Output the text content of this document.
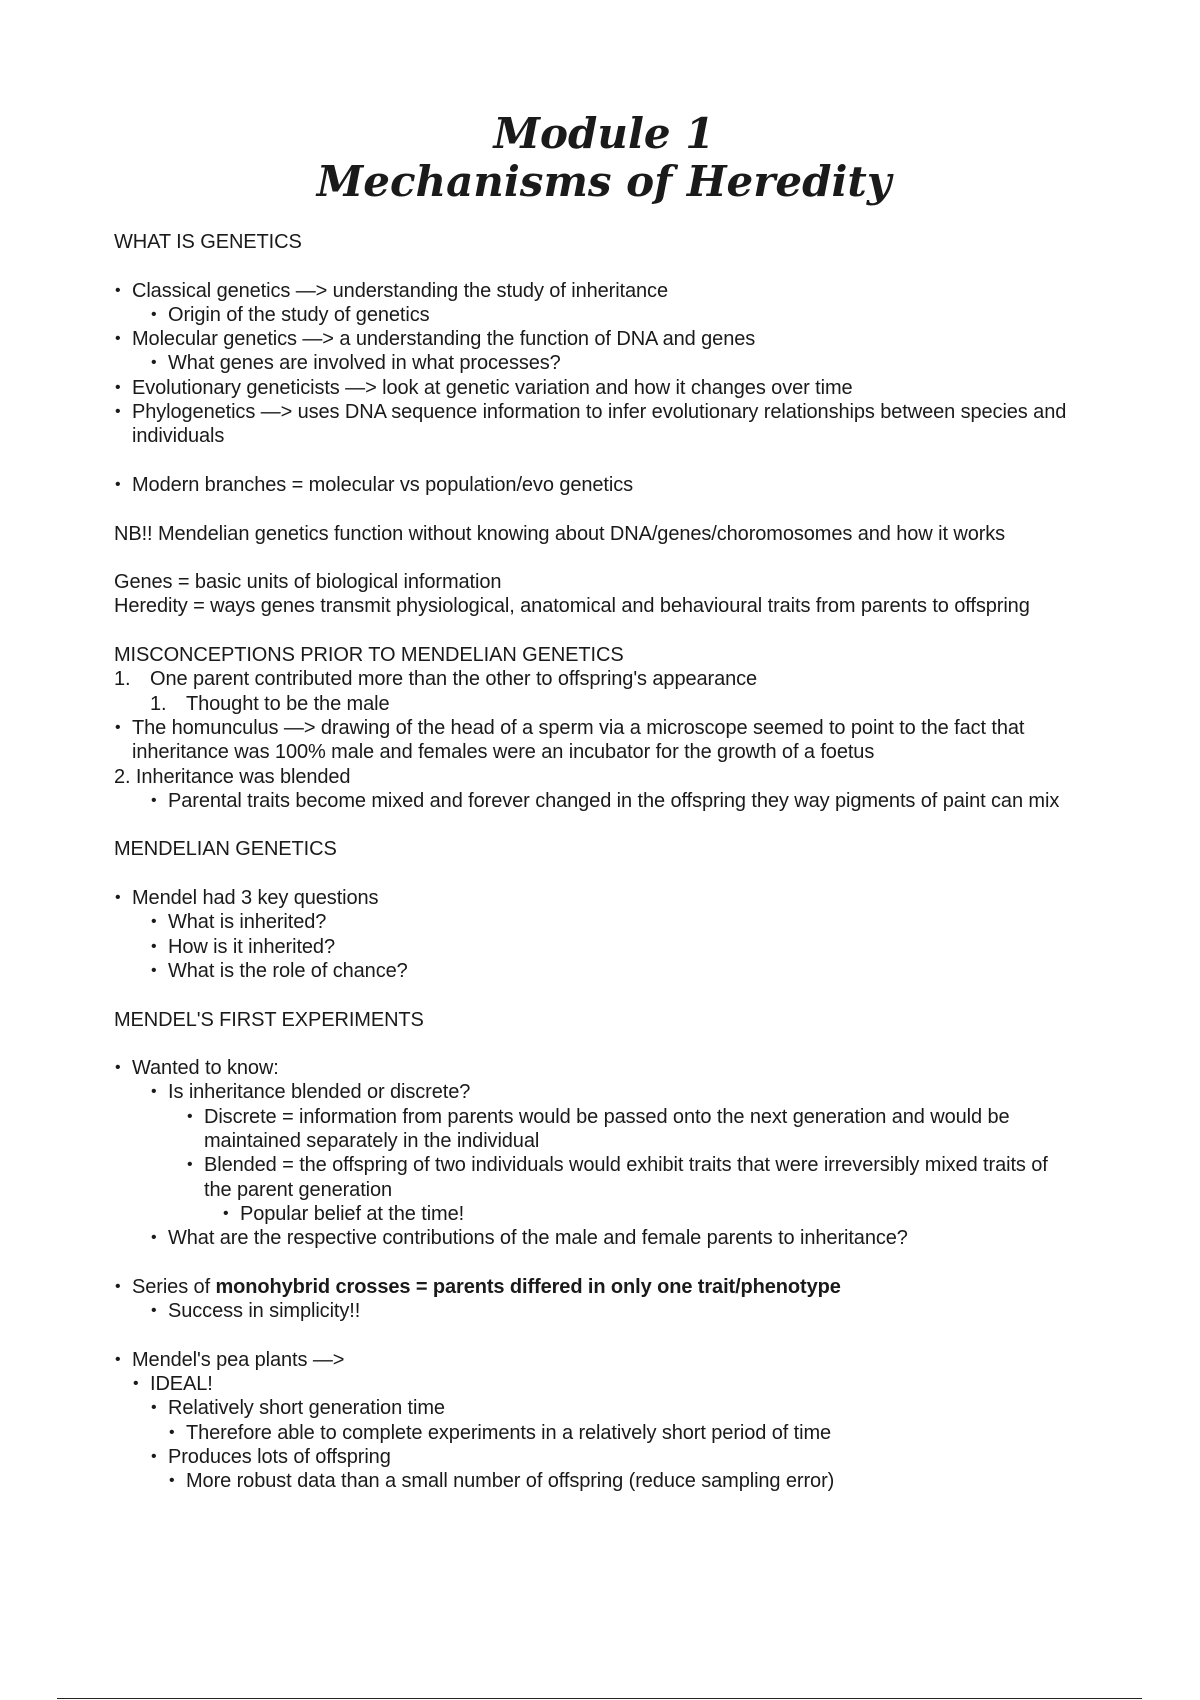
Module 1
Mechanisms of Heredity

WHAT IS GENETICS

• Classical genetics —> understanding the study of inheritance

• Origin of the study of genetics

• Molecular genetics —> a understanding the function of DNA and genes

• What genes are involved in what processes?

• Evolutionary geneticists —> look at genetic variation and how it changes over time

• Phylogenetics —> uses DNA sequence information to infer evolutionary relationships between species and individuals

• Modern branches = molecular vs population/evo genetics

NB!! Mendelian genetics function without knowing about DNA/genes/choromosomes and how it works

Genes = basic units of biological information

Heredity = ways genes transmit physiological, anatomical and behavioural traits from parents to offspring

MISCONCEPTIONS PRIOR TO MENDELIAN GENETICS

1. One parent contributed more than the other to offspring's appearance

1. Thought to be the male

• The homunculus —> drawing of the head of a sperm via a microscope seemed to point to the fact that inheritance was 100% male and females were an incubator for the growth of a foetus

2. Inheritance was blended

• Parental traits become mixed and forever changed in the offspring they way pigments of paint can mix

MENDELIAN GENETICS

• Mendel had 3 key questions

• What is inherited?

• How is it inherited?

• What is the role of chance?

MENDEL'S FIRST EXPERIMENTS

• Wanted to know:

• Is inheritance blended or discrete?

• Discrete = information from parents would be passed onto the next generation and would be maintained separately in the individual

• Blended = the offspring of two individuals would exhibit traits that were irreversibly mixed traits of the parent generation

• Popular belief at the time!

• What are the respective contributions of the male and female parents to inheritance?

• Series of monohybrid crosses = parents differed in only one trait/phenotype

• Success in simplicity!!

• Mendel's pea plants —>

• IDEAL!

• Relatively short generation time

• Therefore able to complete experiments in a relatively short period of time

• Produces lots of offspring

• More robust data than a small number of offspring (reduce sampling error)
